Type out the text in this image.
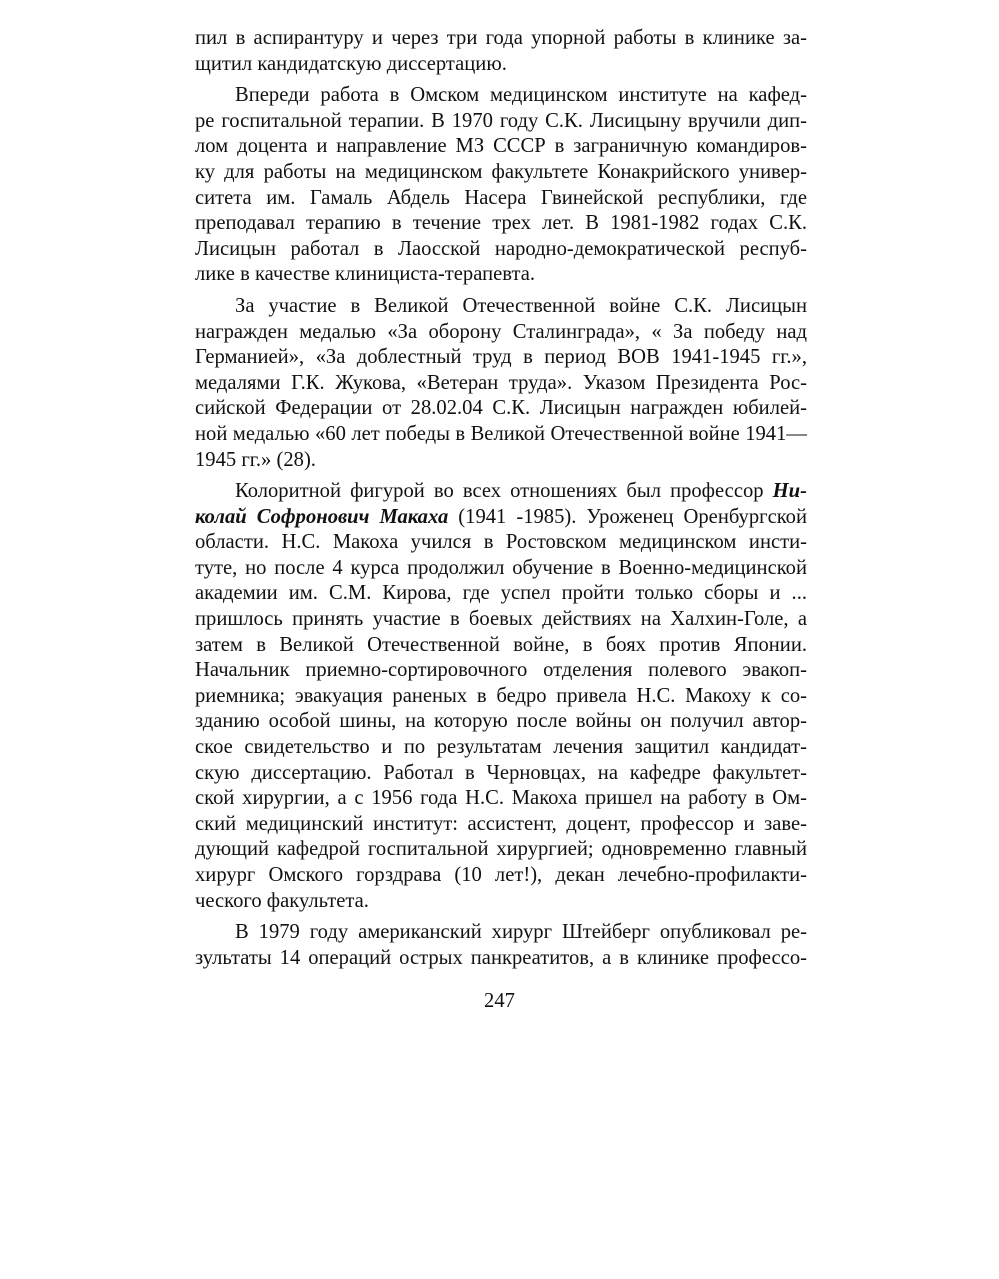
пил в аспирантуру и через три года упорной работы в клинике за-
щитил кандидатскую диссертацию.
Впереди работа в Омском медицинском институте на кафед-
ре госпитальной терапии. В 1970 году С.К. Лисицыну вручили дип-
лом доцента и направление МЗ СССР в заграничную командиров-
ку для работы на медицинском факультете Конакрийского универ-
ситета им. Гамаль Абдель Насера Гвинейской республики, где
преподавал терапию в течение трех лет. В 1981-1982 годах С.К.
Лисицын работал в Лаосской народно-демократической респуб-
лике в качестве клинициста-терапевта.
За участие в Великой Отечественной войне С.К. Лисицын
награжден медалью «За оборону Сталинграда», « За победу над
Германией», «За доблестный труд в период ВОВ 1941-1945 гг.»,
медалями Г.К. Жукова, «Ветеран труда». Указом Президента Рос-
сийской Федерации от 28.02.04 С.К. Лисицын награжден юбилей-
ной медалью «60 лет победы в Великой Отечественной войне 1941—
1945 гг.» (28).
Колоритной фигурой во всех отношениях был профессор Ни-
колай Софронович Макаха (1941 -1985). Уроженец Оренбургской
области. Н.С. Макоха учился в Ростовском медицинском инсти-
туте, но после 4 курса продолжил обучение в Военно-медицинской
академии им. С.М. Кирова, где успел пройти только сборы и ...
пришлось принять участие в боевых действиях на Халхин-Голе, а
затем в Великой Отечественной войне, в боях против Японии.
Начальник приемно-сортировочного отделения полевого эвакоп-
риемника; эвакуация раненых в бедро привела Н.С. Макоху к со-
зданию особой шины, на которую после войны он получил автор-
ское свидетельство и по результатам лечения защитил кандидат-
скую диссертацию. Работал в Черновцах, на кафедре факультет-
ской хирургии, а с 1956 года Н.С. Макоха пришел на работу в Ом-
ский медицинский институт: ассистент, доцент, профессор и заве-
дующий кафедрой госпитальной хирургией; одновременно главный
хирург Омского горздрава (10 лет!), декан лечебно-профилакти-
ческого факультета.
В 1979 году американский хирург Штейберг опубликовал ре-
зультаты 14 операций острых панкреатитов, а в клинике профессо-
247
